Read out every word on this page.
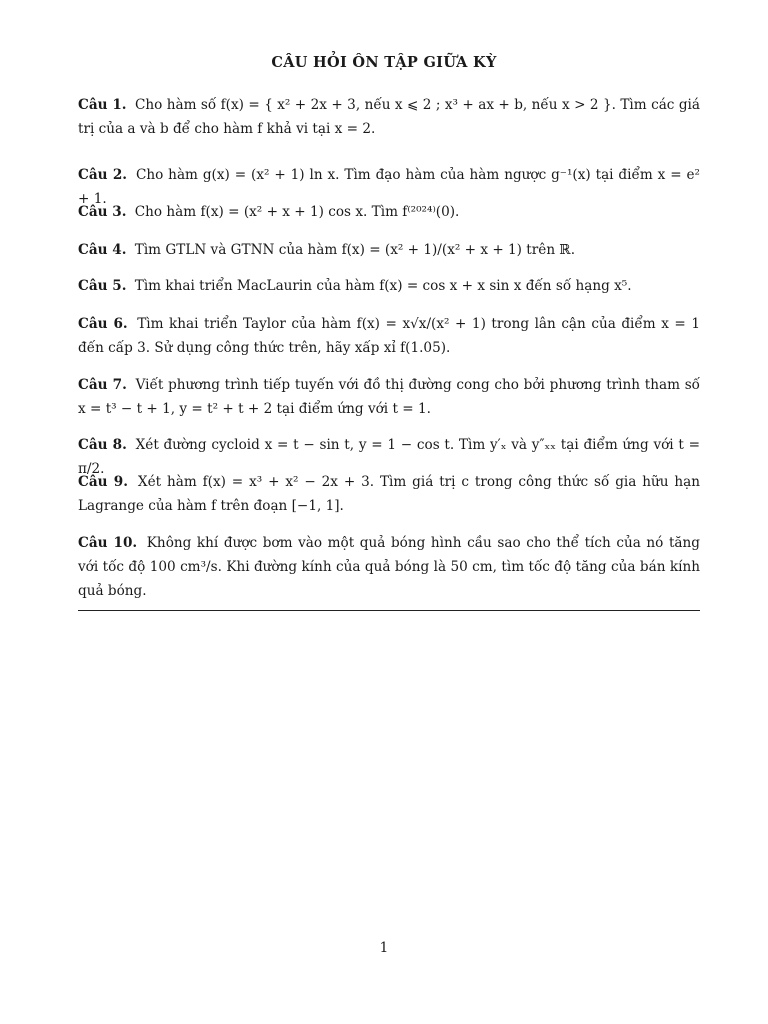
CÂU HỎI ÔN TẬP GIỮA KỲ
Câu 1. Cho hàm số f(x) = { x² + 2x + 3, nếu x ⩽ 2 ; x³ + ax + b, nếu x > 2 }. Tìm các giá trị của a và b để cho hàm f khả vi tại x = 2.
Câu 2. Cho hàm g(x) = (x² + 1) ln x. Tìm đạo hàm của hàm ngược g⁻¹(x) tại điểm x = e² + 1.
Câu 3. Cho hàm f(x) = (x² + x + 1) cos x. Tìm f⁽²⁰²⁴⁾(0).
Câu 4. Tìm GTLN và GTNN của hàm f(x) = (x² + 1)/(x² + x + 1) trên ℝ.
Câu 5. Tìm khai triển MacLaurin của hàm f(x) = cos x + x sin x đến số hạng x⁵.
Câu 6. Tìm khai triển Taylor của hàm f(x) = x√x/(x² + 1) trong lân cận của điểm x = 1 đến cấp 3. Sử dụng công thức trên, hãy xấp xỉ f(1.05).
Câu 7. Viết phương trình tiếp tuyến với đồ thị đường cong cho bởi phương trình tham số x = t³ − t + 1, y = t² + t + 2 tại điểm ứng với t = 1.
Câu 8. Xét đường cycloid x = t − sin t, y = 1 − cos t. Tìm y′ₓ và y″ₓₓ tại điểm ứng với t = π/2.
Câu 9. Xét hàm f(x) = x³ + x² − 2x + 3. Tìm giá trị c trong công thức số gia hữu hạn Lagrange của hàm f trên đoạn [−1, 1].
Câu 10. Không khí được bơm vào một quả bóng hình cầu sao cho thể tích của nó tăng với tốc độ 100 cm³/s. Khi đường kính của quả bóng là 50 cm, tìm tốc độ tăng của bán kính quả bóng.
1
